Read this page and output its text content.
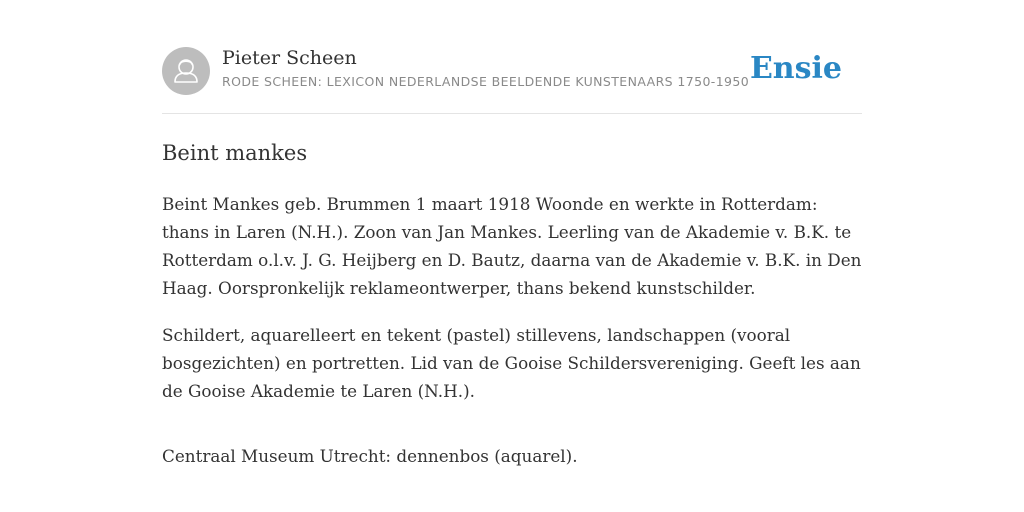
Pieter Scheen
RODE SCHEEN: LEXICON NEDERLANDSE BEELDENDE KUNSTENAARS 1750-1950 Ensie
Beint mankes

Beint Mankes geb. Brummen 1 maart 1918 Woonde en werkte in Rotterdam: thans in Laren (N.H.). Zoon van Jan Mankes. Leerling van de Akademie v. B.K. te Rotterdam o.l.v. J. G. Heijberg en D. Bautz, daarna van de Akademie v. B.K. in Den Haag. Oorspronkelijk reklameontwerper, thans bekend kunstschilder.

Schildert, aquarelleert en tekent (pastel) stillevens, landschappen (vooral bosgezichten) en portretten. Lid van de Gooise Schildersvereniging. Geeft les aan de Gooise Akademie te Laren (N.H.).

Centraal Museum Utrecht: dennenbos (aquarel).
